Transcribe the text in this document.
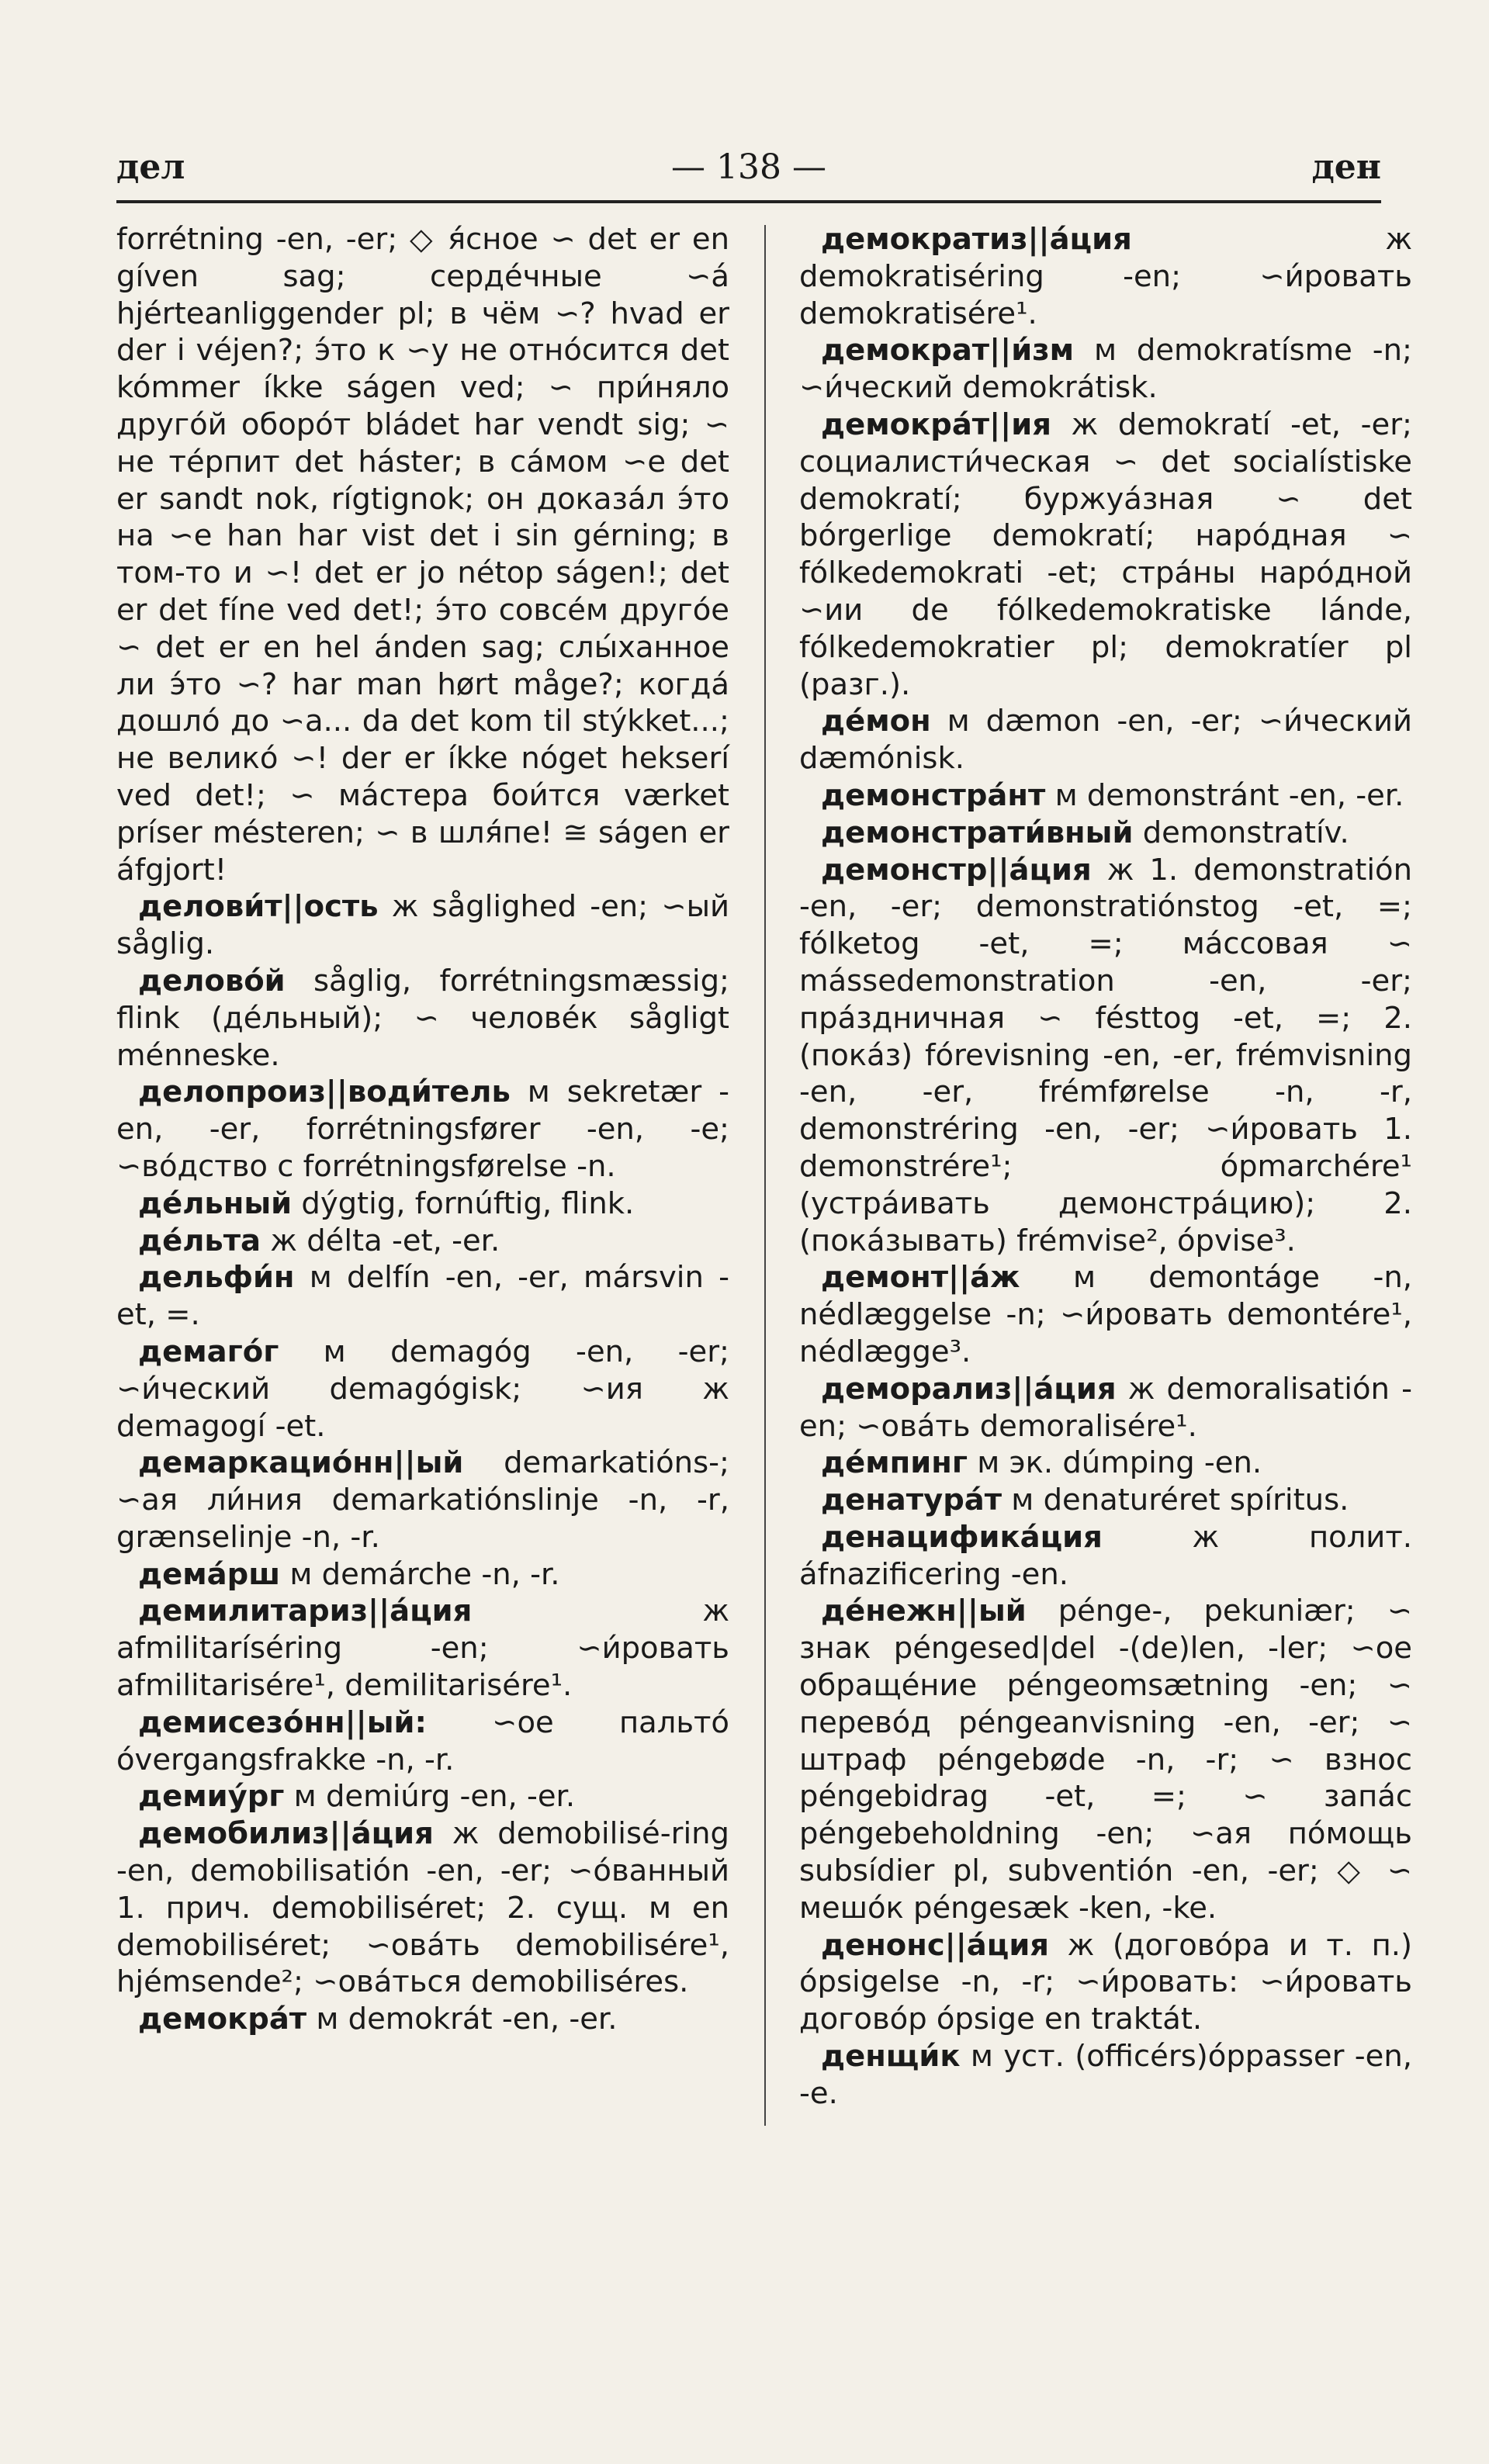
дел	— 138 —	ден

forrétning -en, -er; ◇ я́сное ∽ det er en gíven sag; серде́чные ∽á hjérteanliggender pl; в чём ∽? hvad er der i véjen?; э́то к ∽у не отно́сится det kómmer íkke ságen ved; ∽ при́няло друго́й оборо́т bládet har vendt sig; ∽ не те́рпит det háster; в са́мом ∽е det er sandt nok, rígtignok; он доказа́л э́то на ∽е han har vist det i sin gérning; в том-то и ∽! det er jo nétop ságen!; det er det fíne ved det!; э́то совсе́м друго́е ∽ det er en hel ánden sag; слы́ханное ли э́то ∽? har man hørt måge?; когда́ дошло́ до ∽а... da det kom til stýkket...; не велико́ ∽! der er íkke nóget hekserí ved det!; ∽ ма́стера бои́тся værket príser mésteren; ∽ в шля́пе! ≅ ságen er áfgjort!

делови́т||ость ж såglighed -en; ∽ый såglig.

делово́й såglig, forrétningsmæssig; flink (де́льный); ∽ челове́к sågligt ménneske.

делопроиз||води́тель м sekretær -en, -er, forrétningsfører -en, -e; ∽во́дство с forrétningsførelse -n.

де́льный dýgtig, fornúftig, flink.

де́льта ж délta -et, -er.

дельфи́н м delfín -en, -er, mársvin -et, =.

демаго́г м demagóg -en, -er; ∽и́ческий demagógisk; ∽ия ж demagogí -et.

демаркацио́нн||ый demarkatións-; ∽ая ли́ния demarkatiónslinje -n, -r, grænselinje -n, -r.

дема́рш м demárche -n, -r.

демилитариз||а́ция ж afmilitaríséring -en; ∽и́ровать afmilitarisére¹, demilitarisére¹.

демисезо́нн||ый: ∽ое пальто́ óvergangsfrakke -n, -r.

демиу́рг м demiúrg -en, -er.

демобилиз||а́ция ж demobilisé-ring -en, demobilisatión -en, -er; ∽о́ванный 1. прич. demobiliséret; 2. сущ. м en demobiliséret; ∽ова́ть demobilisére¹, hjémsende²; ∽ова́ться demobiliséres.

демокра́т м demokrát -en, -er.

демократиз||а́ция ж demokratiséring -en; ∽и́ровать demokratisére¹.

демократ||и́зм м demokratísme -n; ∽и́ческий demokrátisk.

демокра́т||ия ж demokratí -et, -er; социалисти́ческая ∽ det socialístiske demokratí; буржуа́зная ∽ det bórgerlige demokratí; наро́дная ∽ fólkedemokrati -et; стра́ны наро́дной ∽ии de fólkedemokratiske lánde, fólkedemokratier pl; demokratíer pl (разг.).

де́мон м dæmon -en, -er; ∽и́ческий dæmónisk.

демонстра́нт м demonstránt -en, -er.

демонстрати́вный demonstratív.

демонстр||а́ция ж 1. demonstratión -en, -er; demonstratiónstog -et, =; fólketog -et, =; ма́ссовая ∽ mássedemonstration -en, -er; пра́здничная ∽ fésttog -et, =; 2. (пока́з) fórevisning -en, -er, frémvisning -en, -er, frémførelse -n, -r, demonstréring -en, -er; ∽и́ровать 1. demonstrére¹; ópmarchére¹ (устра́ивать демонстра́цию); 2. (пока́зывать) frémvise², ópvise³.

демонт||а́ж м demontáge -n, nédlæggelse -n; ∽и́ровать demontére¹, nédlægge³.

деморализ||а́ция ж demoralisatión -en; ∽ова́ть demoralisére¹.

де́мпинг м эк. dúmping -en.

денатура́т м denaturéret spíritus.

денацифика́ция ж полит. áfnazificering -en.

де́нежн||ый pénge-, pekuniær; ∽ знак péngesed|del -(de)len, -ler; ∽ое обраще́ние péngeomsætning -en; ∽ перево́д péngeanvisning -en, -er; ∽ штраф péngebøde -n, -r; ∽ взнос péngebidrag -et, =; ∽ запа́с péngebeholdning -en; ∽ая по́мощь subsídier pl, subventión -en, -er; ◇ ∽ мешо́к péngesæk -ken, -ke.

денонс||а́ция ж (догово́ра и т. п.) ópsigelse -n, -r; ∽и́ровать: ∽и́ровать догово́р ópsige en traktát.

денщи́к м уст. (officérs)óppasser -en, -e.
